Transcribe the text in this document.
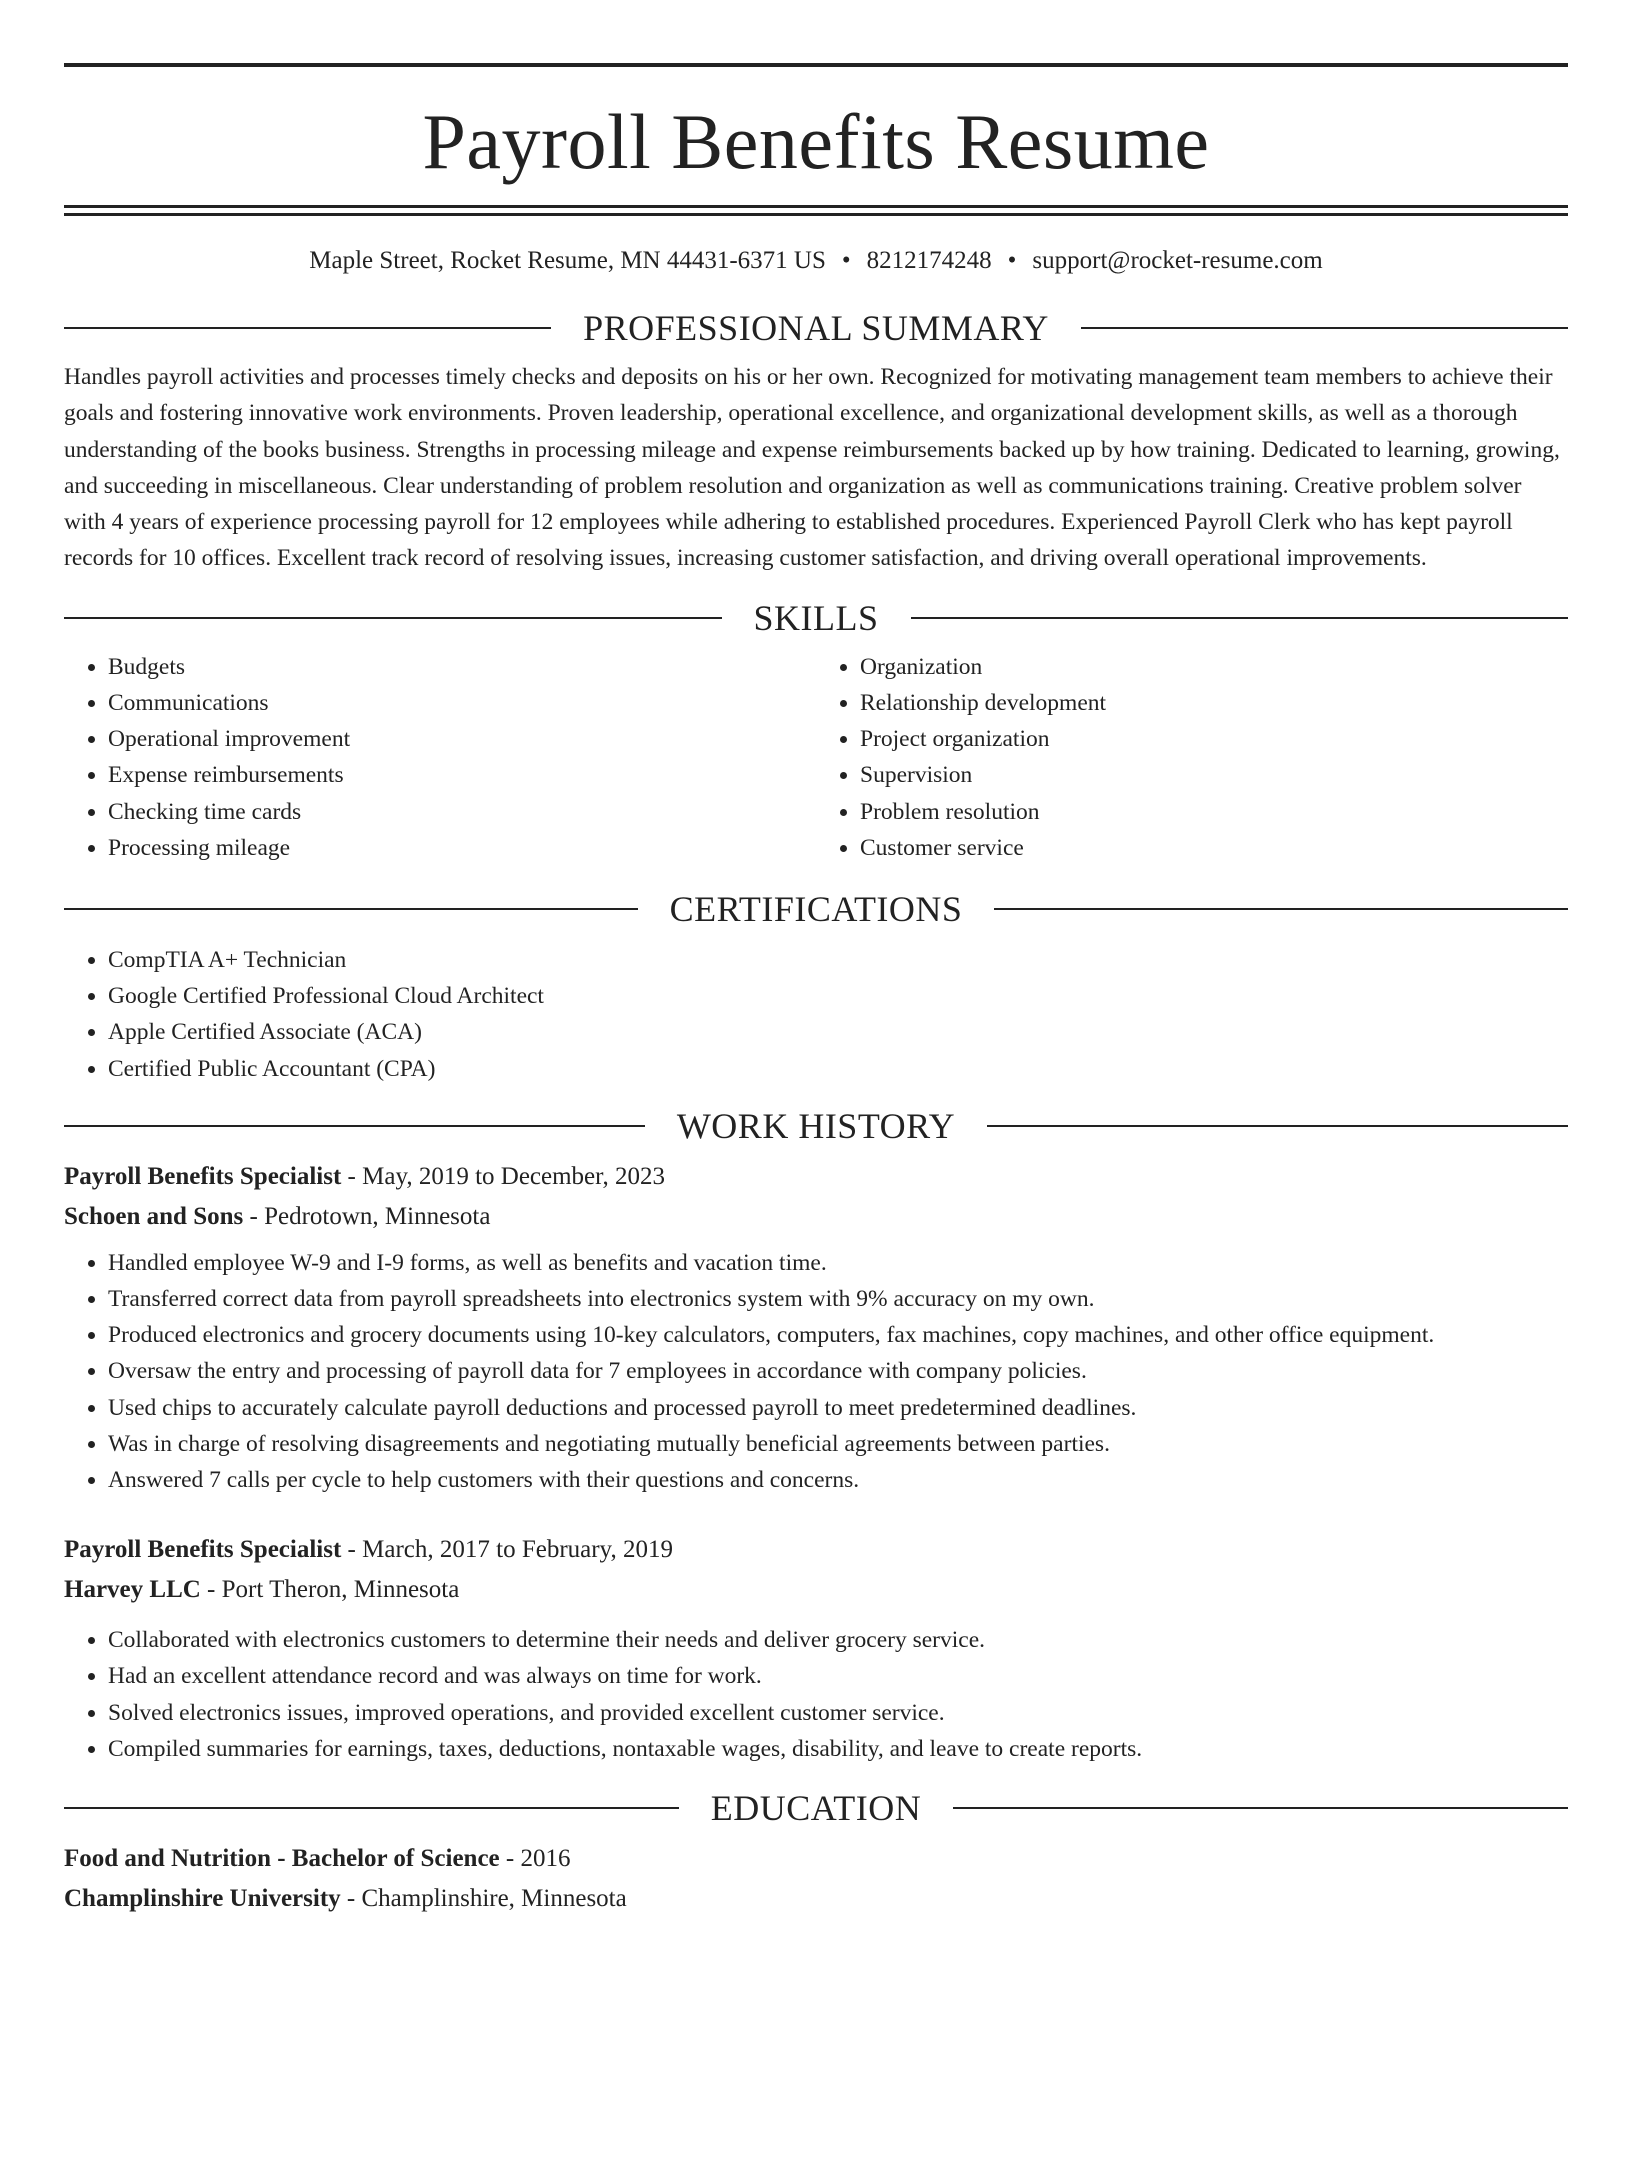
Payroll Benefits Resume
Maple Street, Rocket Resume, MN 44431-6371 US • 8212174248 • support@rocket-resume.com
PROFESSIONAL SUMMARY
Handles payroll activities and processes timely checks and deposits on his or her own. Recognized for motivating management team members to achieve their goals and fostering innovative work environments. Proven leadership, operational excellence, and organizational development skills, as well as a thorough understanding of the books business. Strengths in processing mileage and expense reimbursements backed up by how training. Dedicated to learning, growing, and succeeding in miscellaneous. Clear understanding of problem resolution and organization as well as communications training. Creative problem solver with 4 years of experience processing payroll for 12 employees while adhering to established procedures. Experienced Payroll Clerk who has kept payroll records for 10 offices. Excellent track record of resolving issues, increasing customer satisfaction, and driving overall operational improvements.
SKILLS
• Budgets
• Communications
• Operational improvement
• Expense reimbursements
• Checking time cards
• Processing mileage
• Organization
• Relationship development
• Project organization
• Supervision
• Problem resolution
• Customer service
CERTIFICATIONS
• CompTIA A+ Technician
• Google Certified Professional Cloud Architect
• Apple Certified Associate (ACA)
• Certified Public Accountant (CPA)
WORK HISTORY
Payroll Benefits Specialist - May, 2019 to December, 2023
Schoen and Sons - Pedrotown, Minnesota
• Handled employee W-9 and I-9 forms, as well as benefits and vacation time.
• Transferred correct data from payroll spreadsheets into electronics system with 9% accuracy on my own.
• Produced electronics and grocery documents using 10-key calculators, computers, fax machines, copy machines, and other office equipment.
• Oversaw the entry and processing of payroll data for 7 employees in accordance with company policies.
• Used chips to accurately calculate payroll deductions and processed payroll to meet predetermined deadlines.
• Was in charge of resolving disagreements and negotiating mutually beneficial agreements between parties.
• Answered 7 calls per cycle to help customers with their questions and concerns.
Payroll Benefits Specialist - March, 2017 to February, 2019
Harvey LLC - Port Theron, Minnesota
• Collaborated with electronics customers to determine their needs and deliver grocery service.
• Had an excellent attendance record and was always on time for work.
• Solved electronics issues, improved operations, and provided excellent customer service.
• Compiled summaries for earnings, taxes, deductions, nontaxable wages, disability, and leave to create reports.
EDUCATION
Food and Nutrition - Bachelor of Science - 2016
Champlinshire University - Champlinshire, Minnesota
